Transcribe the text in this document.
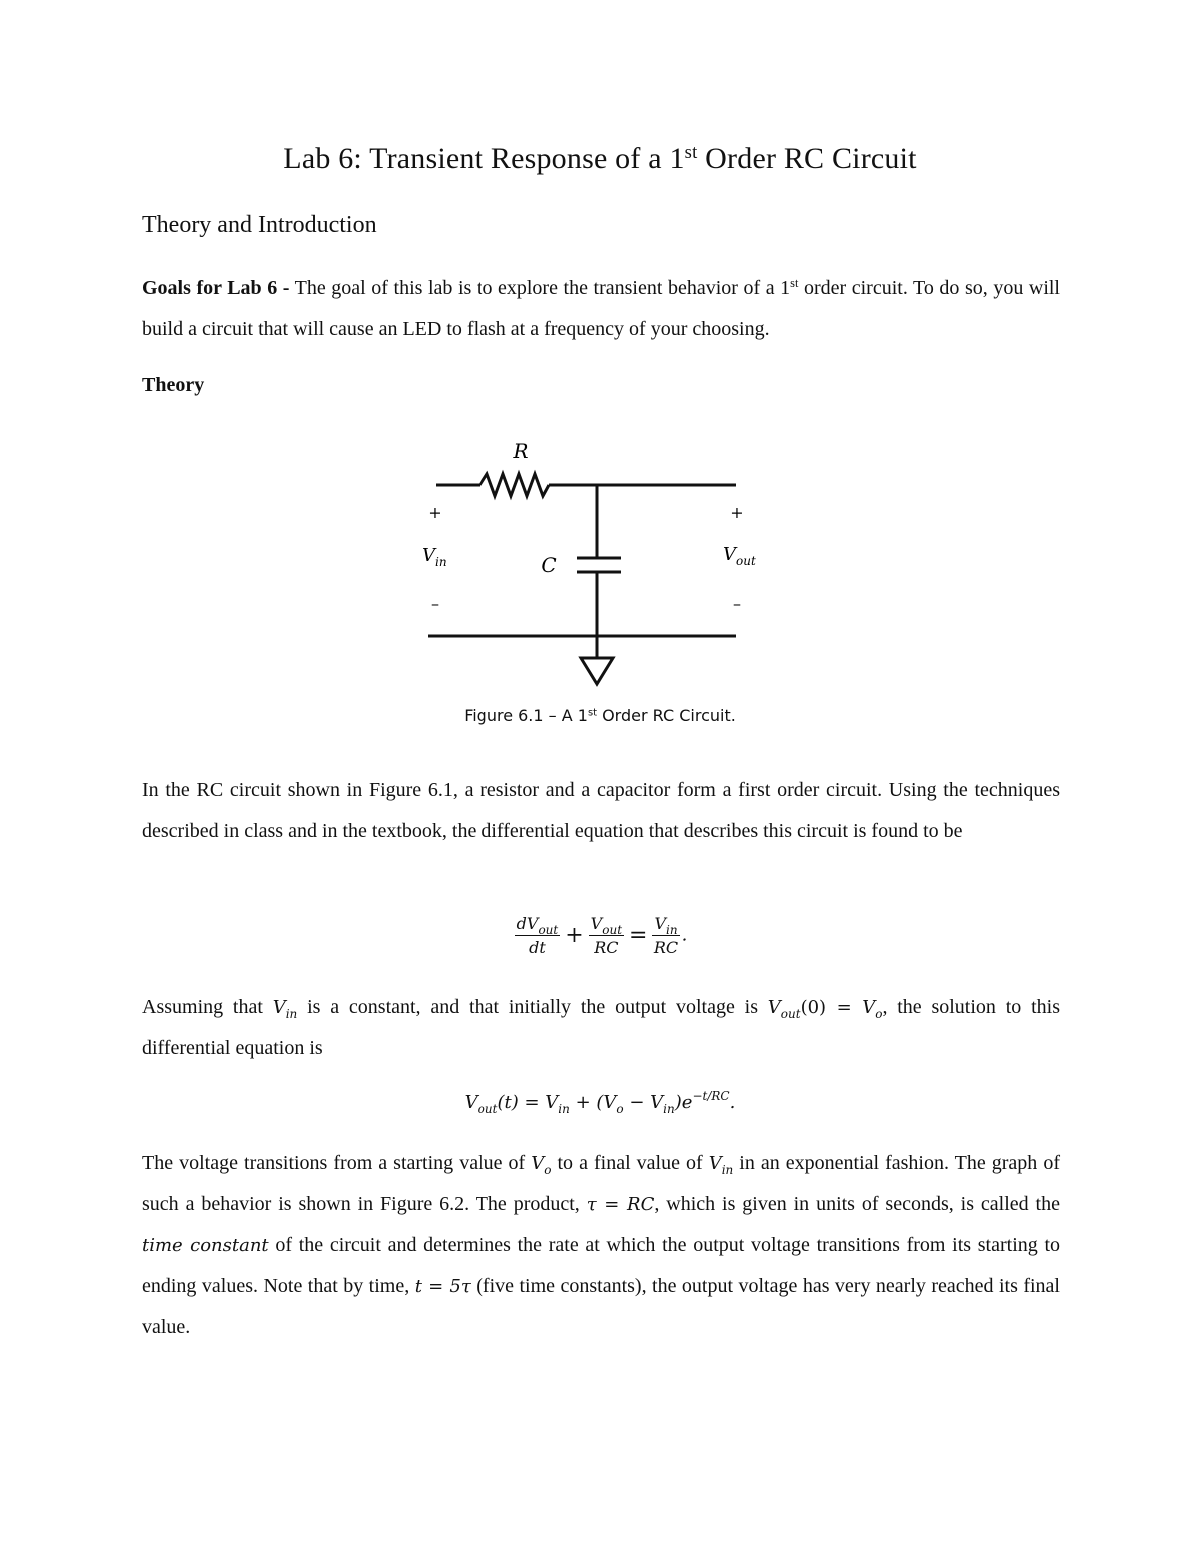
Lab 6: Transient Response of a 1st Order RC Circuit
Theory and Introduction
Goals for Lab 6 - The goal of this lab is to explore the transient behavior of a 1st order circuit. To do so, you will build a circuit that will cause an LED to flash at a frequency of your choosing.
Theory
R
C
+	+
–	–
$V_{in}$	$V_{out}$
Figure 6.1 – A 1st Order RC Circuit.
In the RC circuit shown in Figure 6.1, a resistor and a capacitor form a first order circuit. Using the techniques described in class and in the textbook, the differential equation that describes this circuit is found to be
$\frac{dV_{out}}{dt} + \frac{V_{out}}{RC} = \frac{V_{in}}{RC}$ .
Assuming that $V_{in}$ is a constant, and that initially the output voltage is $V_{out}(0) = V_o$, the solution to this differential equation is
$V_{out}(t) = V_{in} + (V_o - V_{in})e^{-t/RC}$.
The voltage transitions from a starting value of $V_o$ to a final value of $V_{in}$ in an exponential fashion. The graph of such a behavior is shown in Figure 6.2. The product, τ = RC, which is given in units of seconds, is called the time constant of the circuit and determines the rate at which the output voltage transitions from its starting to ending values. Note that by time, t = 5τ (five time constants), the output voltage has very nearly reached its final value.
